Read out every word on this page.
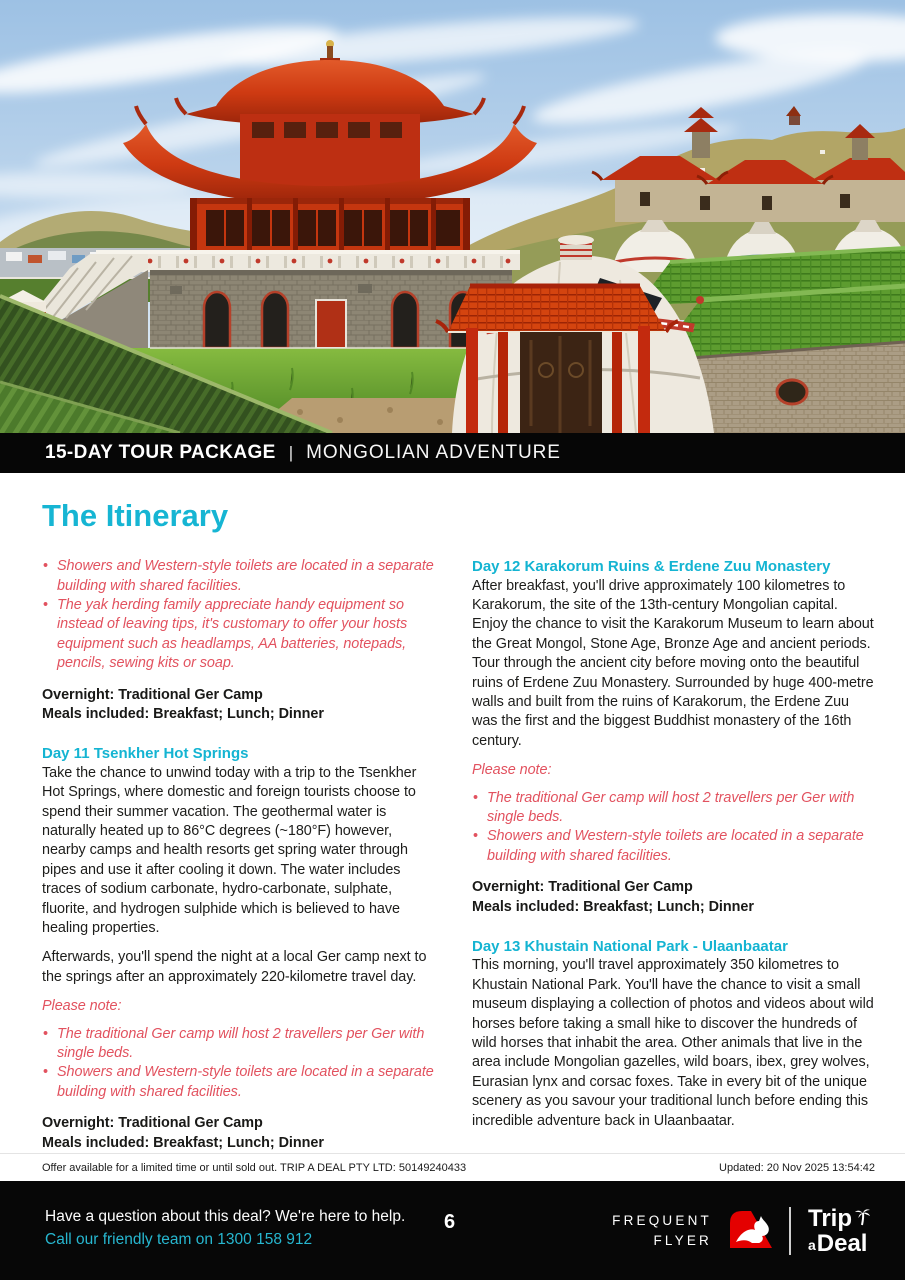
15-DAY TOUR PACKAGE | MONGOLIAN ADVENTURE
The Itinerary
• Showers and Western-style toilets are located in a separate building with shared facilities.
• The yak herding family appreciate handy equipment so instead of leaving tips, it's customary to offer your hosts equipment such as headlamps, AA batteries, notepads, pencils, sewing kits or soap.

Overnight: Traditional Ger Camp

Meals included: Breakfast; Lunch; Dinner

Day 11 Tsenkher Hot Springs

Take the chance to unwind today with a trip to the Tsenkher Hot Springs, where domestic and foreign tourists choose to spend their summer vacation. The geothermal water is naturally heated up to 86°C degrees (~180°F) however, nearby camps and health resorts get spring water through pipes and use it after cooling it down. The water includes traces of sodium carbonate, hydro-carbonate, sulphate, fluorite, and hydrogen sulphide which is believed to have healing properties.

Afterwards, you'll spend the night at a local Ger camp next to the springs after an approximately 220-kilometre travel day.

Please note:

• The traditional Ger camp will host 2 travellers per Ger with single beds.
• Showers and Western-style toilets are located in a separate building with shared facilities.

Overnight: Traditional Ger Camp

Meals included: Breakfast; Lunch; Dinner

Day 12 Karakorum Ruins & Erdene Zuu Monastery

After breakfast, you'll drive approximately 100 kilometres to Karakorum, the site of the 13th-century Mongolian capital. Enjoy the chance to visit the Karakorum Museum to learn about the Great Mongol, Stone Age, Bronze Age and ancient periods. Tour through the ancient city before moving onto the beautiful ruins of Erdene Zuu Monastery. Surrounded by huge 400-metre walls and built from the ruins of Karakorum, the Erdene Zuu was the first and the biggest Buddhist monastery of the 16th century.

Please note:

• The traditional Ger camp will host 2 travellers per Ger with single beds.
• Showers and Western-style toilets are located in a separate building with shared facilities.

Overnight: Traditional Ger Camp

Meals included: Breakfast; Lunch; Dinner

Day 13 Khustain National Park - Ulaanbaatar

This morning, you'll travel approximately 350 kilometres to Khustain National Park. You'll have the chance to visit a small museum displaying a collection of photos and videos about wild horses before taking a small hike to discover the hundreds of wild horses that inhabit the area. Other animals that live in the area include Mongolian gazelles, wild boars, ibex, grey wolves, Eurasian lynx and corsac foxes. Take in every bit of the unique scenery as you savour your traditional lunch before ending this incredible adventure back in Ulaanbaatar.

Offer available for a limited time or until sold out. TRIP A DEAL PTY LTD: 50149240433	Updated: 20 Nov 2025 13:54:42
Have a question about this deal? We're here to help.
Call our friendly team on 1300 158 912
6	FREQUENT
FLYER
Trip
a Deal
